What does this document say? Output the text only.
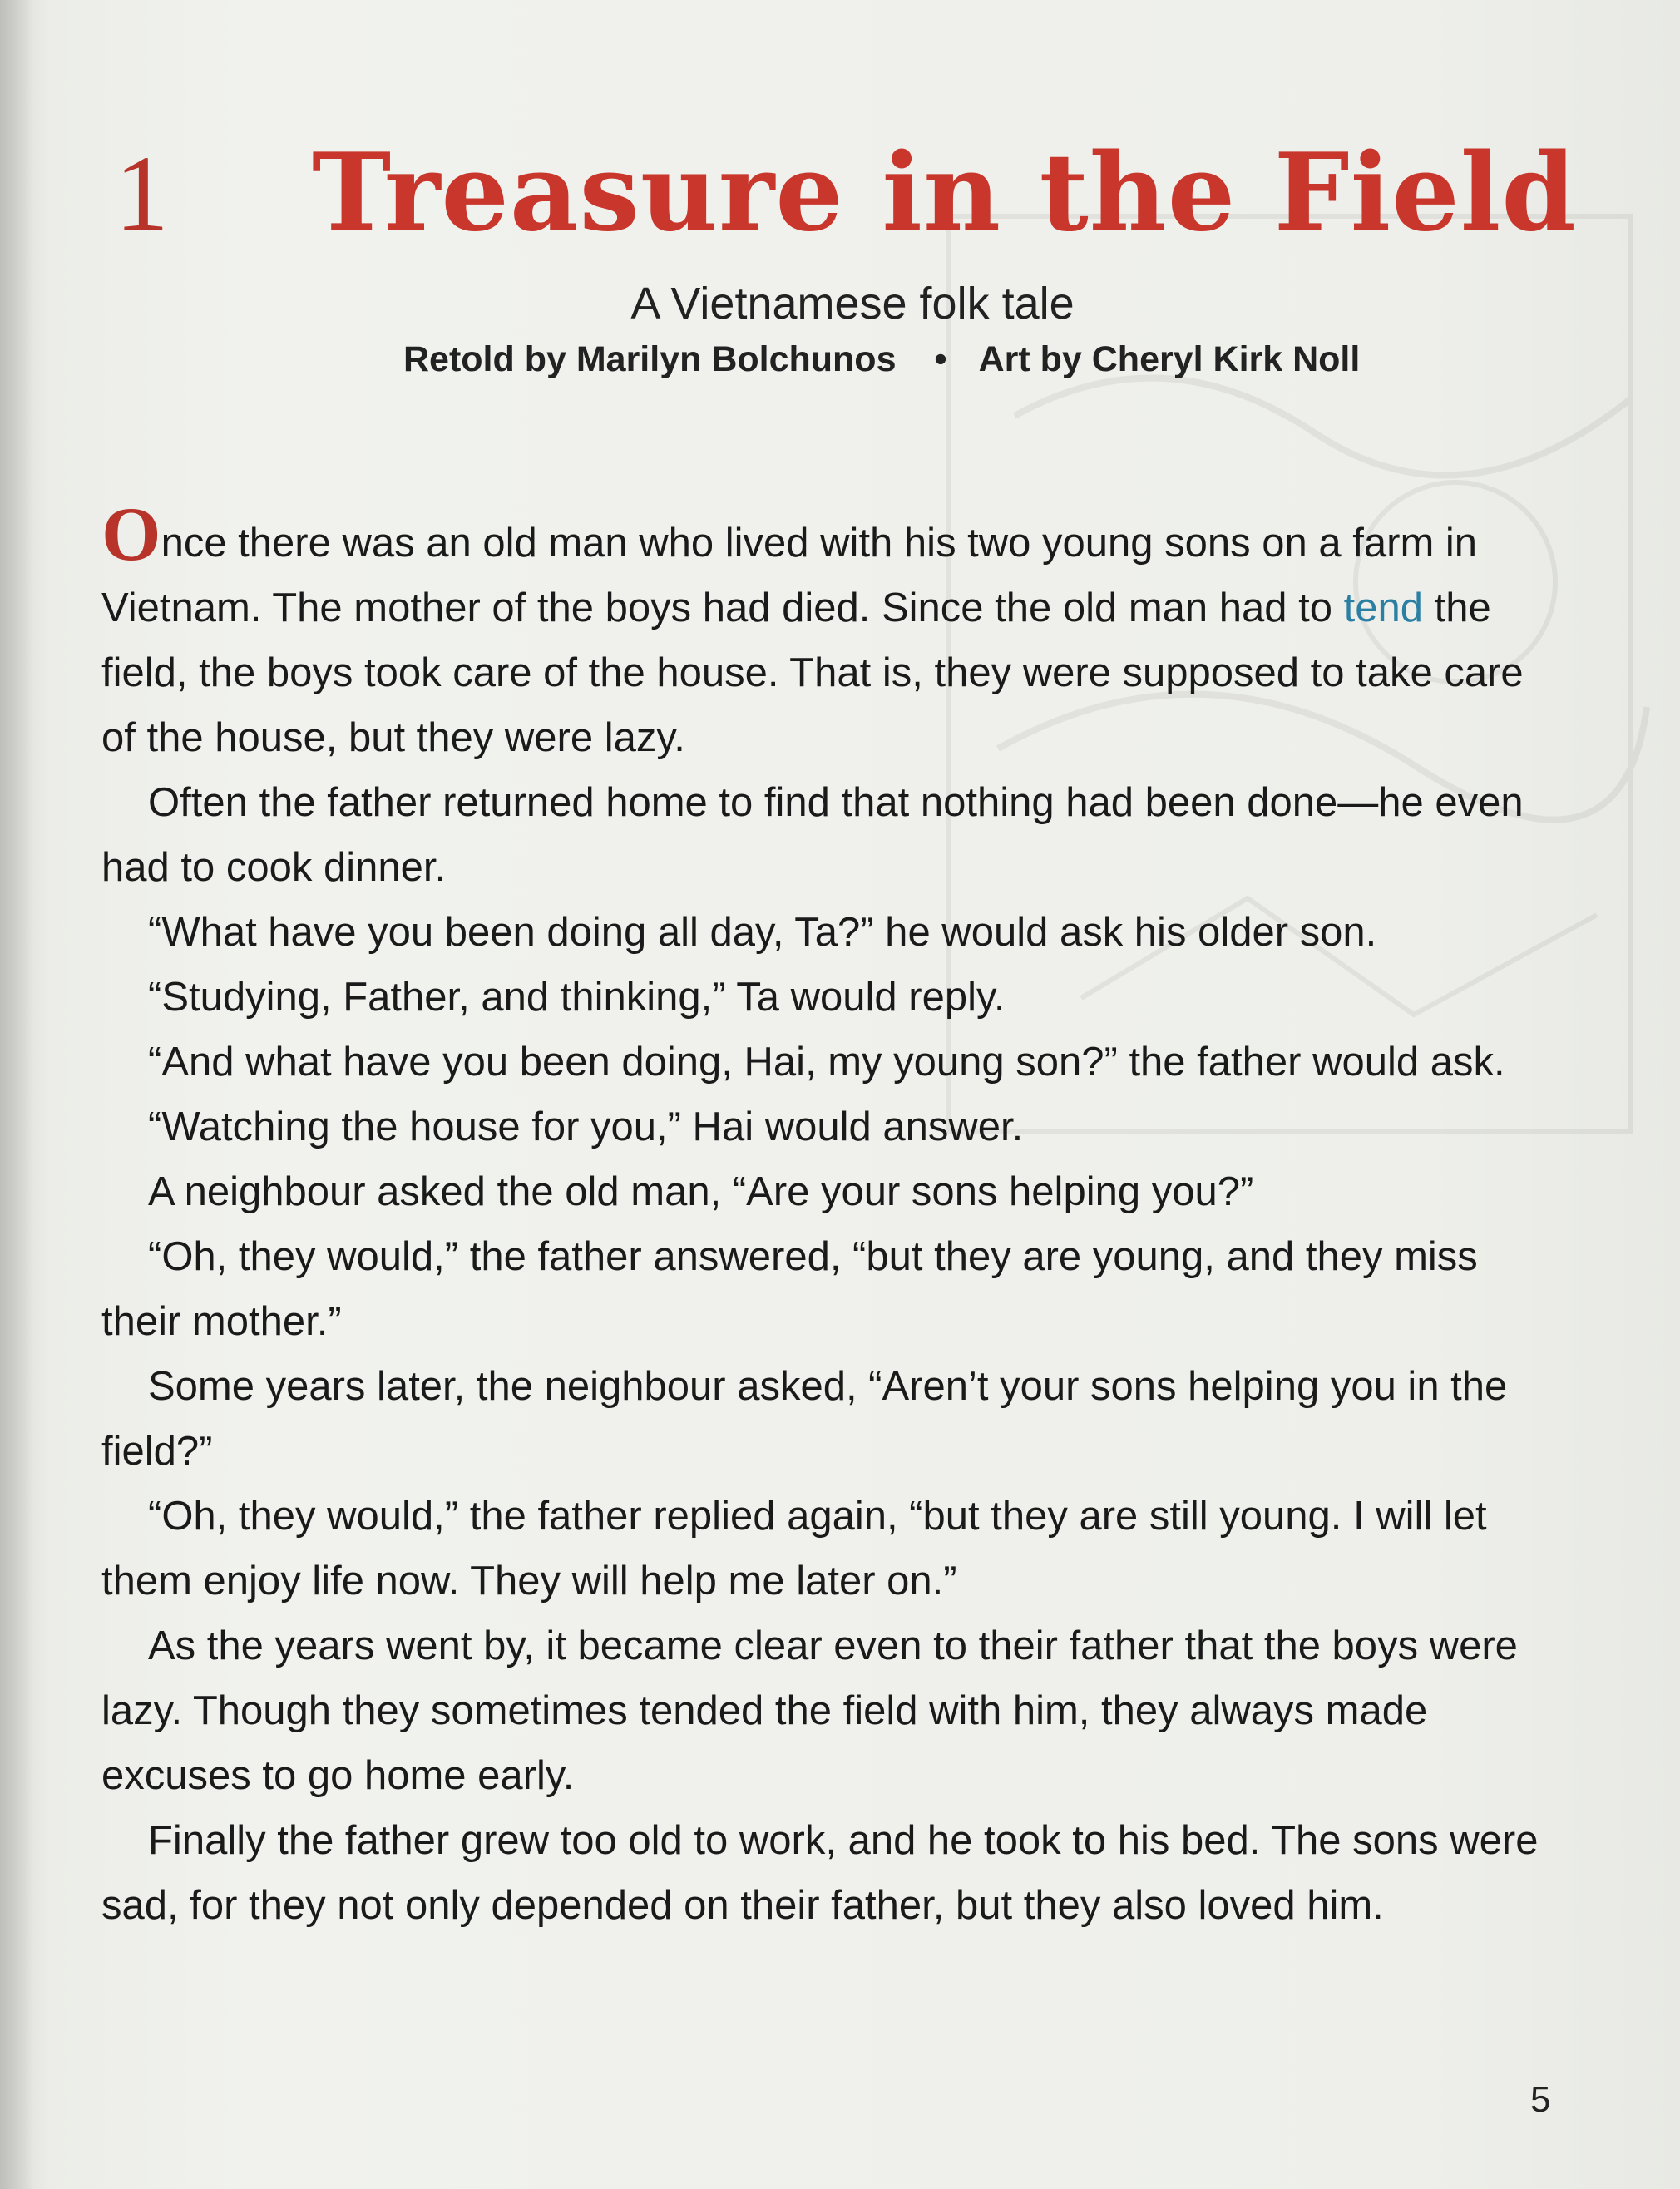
1 Treasure in the Field
A Vietnamese folk tale
Retold by Marilyn Bolchunos • Art by Cheryl Kirk Noll

Once there was an old man who lived with his two young sons on a farm in Vietnam. The mother of the boys had died. Since the old man had to tend the field, the boys took care of the house. That is, they were supposed to take care of the house, but they were lazy.

Often the father returned home to find that nothing had been done—he even had to cook dinner.

“What have you been doing all day, Ta?” he would ask his older son.

“Studying, Father, and thinking,” Ta would reply.

“And what have you been doing, Hai, my young son?” the father would ask.

“Watching the house for you,” Hai would answer.

A neighbour asked the old man, “Are your sons helping you?”

“Oh, they would,” the father answered, “but they are young, and they miss their mother.”

Some years later, the neighbour asked, “Aren’t your sons helping you in the field?”

“Oh, they would,” the father replied again, “but they are still young. I will let them enjoy life now. They will help me later on.”

As the years went by, it became clear even to their father that the boys were lazy. Though they sometimes tended the field with him, they always made excuses to go home early.

Finally the father grew too old to work, and he took to his bed. The sons were sad, for they not only depended on their father, but they also loved him.

5
